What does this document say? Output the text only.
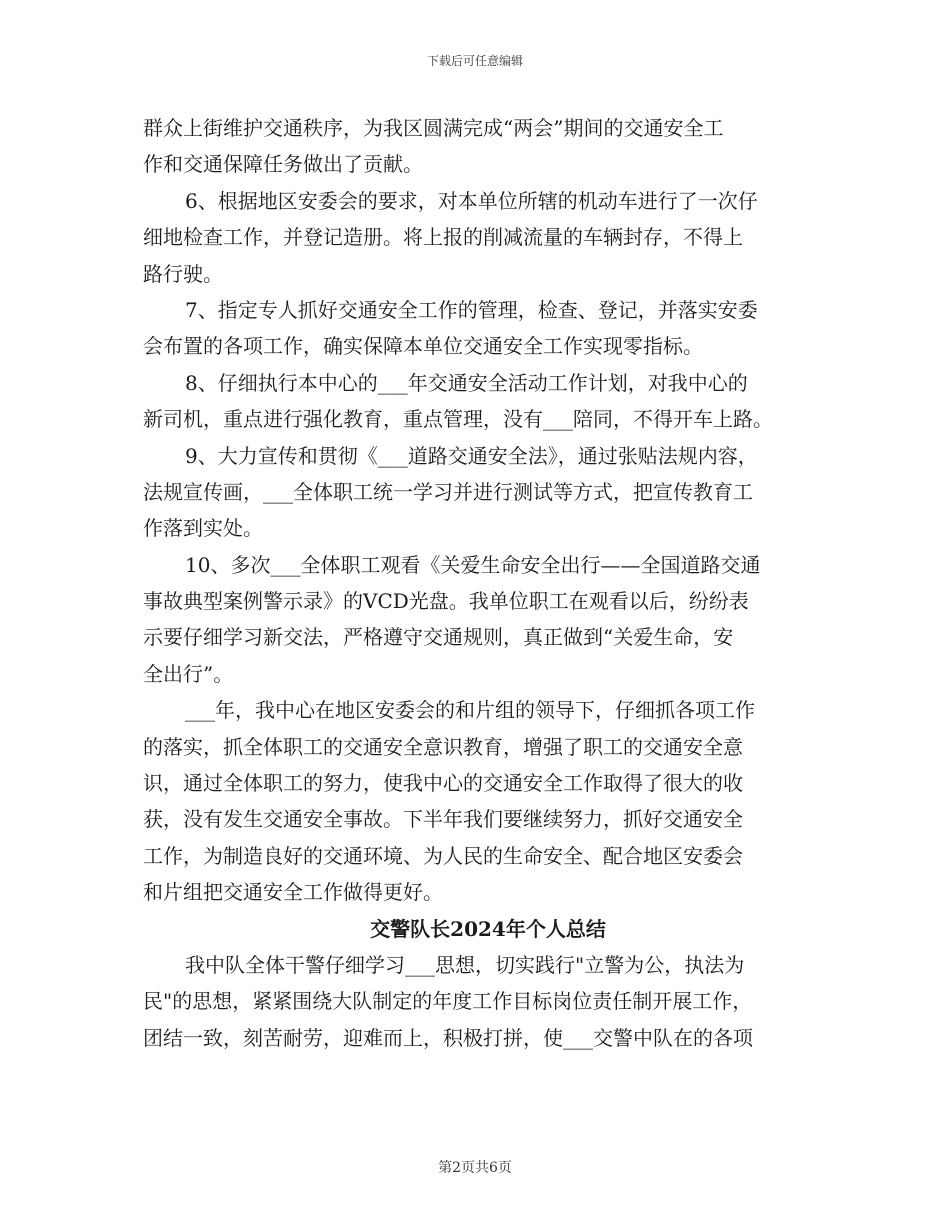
下载后可任意编辑
群众上街维护交通秩序，为我区圆满完成“两会”期间的交通安全工
作和交通保障任务做出了贡献。
6、根据地区安委会的要求，对本单位所辖的机动车进行了一次仔
细地检查工作，并登记造册。将上报的削减流量的车辆封存，不得上
路行驶。
7、指定专人抓好交通安全工作的管理，检查、登记，并落实安委
会布置的各项工作，确实保障本单位交通安全工作实现零指标。
8、仔细执行本中心的___年交通安全活动工作计划，对我中心的
新司机，重点进行强化教育，重点管理，没有___陪同，不得开车上路。
9、大力宣传和贯彻《___道路交通安全法》，通过张贴法规内容，
法规宣传画，___全体职工统一学习并进行测试等方式，把宣传教育工
作落到实处。
10、多次___全体职工观看《关爱生命安全出行——全国道路交通
事故典型案例警示录》的VCD光盘。我单位职工在观看以后，纷纷表
示要仔细学习新交法，严格遵守交通规则，真正做到“关爱生命，安
全出行”。
___年，我中心在地区安委会的和片组的领导下，仔细抓各项工作
的落实，抓全体职工的交通安全意识教育，增强了职工的交通安全意
识，通过全体职工的努力，使我中心的交通安全工作取得了很大的收
获，没有发生交通安全事故。下半年我们要继续努力，抓好交通安全
工作，为制造良好的交通环境、为人民的生命安全、配合地区安委会
和片组把交通安全工作做得更好。
交警队长2024年个人总结
我中队全体干警仔细学习___思想，切实践行"立警为公，执法为
民"的思想，紧紧围绕大队制定的年度工作目标岗位责任制开展工作，
团结一致，刻苦耐劳，迎难而上，积极打拼，使___交警中队在的各项
第2页共6页
